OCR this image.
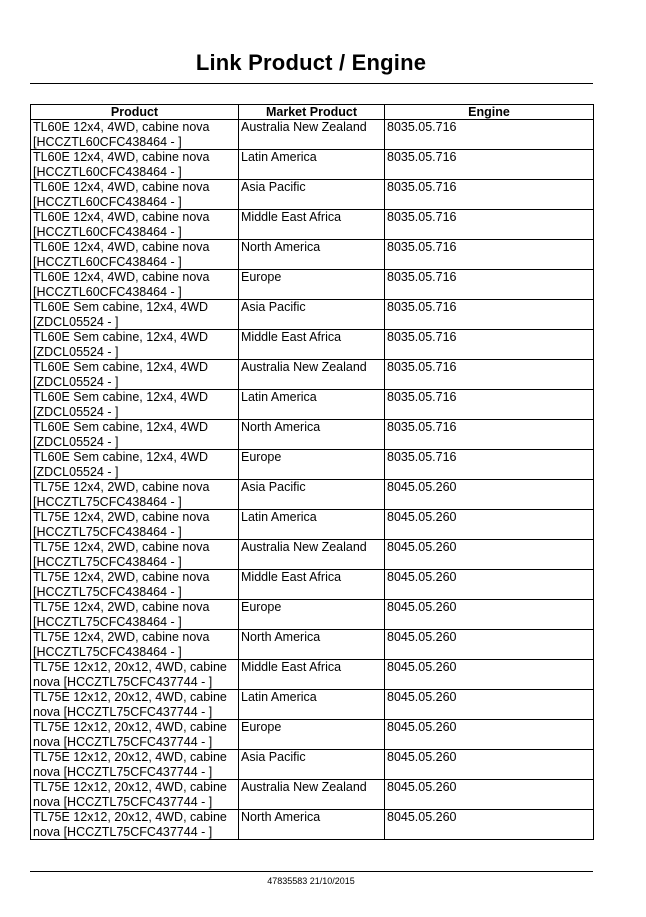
Link Product / Engine
Product	Market Product	Engine
TL60E 12x4, 4WD, cabine nova [HCCZTL60CFC438464 - ]	Australia New Zealand	8035.05.716
TL60E 12x4, 4WD, cabine nova [HCCZTL60CFC438464 - ]	Latin America	8035.05.716
TL60E 12x4, 4WD, cabine nova [HCCZTL60CFC438464 - ]	Asia Pacific	8035.05.716
TL60E 12x4, 4WD, cabine nova [HCCZTL60CFC438464 - ]	Middle East Africa	8035.05.716
TL60E 12x4, 4WD, cabine nova [HCCZTL60CFC438464 - ]	North America	8035.05.716
TL60E 12x4, 4WD, cabine nova [HCCZTL60CFC438464 - ]	Europe	8035.05.716
TL60E Sem cabine, 12x4, 4WD [ZDCL05524 - ]	Asia Pacific	8035.05.716
TL60E Sem cabine, 12x4, 4WD [ZDCL05524 - ]	Middle East Africa	8035.05.716
TL60E Sem cabine, 12x4, 4WD [ZDCL05524 - ]	Australia New Zealand	8035.05.716
TL60E Sem cabine, 12x4, 4WD [ZDCL05524 - ]	Latin America	8035.05.716
TL60E Sem cabine, 12x4, 4WD [ZDCL05524 - ]	North America	8035.05.716
TL60E Sem cabine, 12x4, 4WD [ZDCL05524 - ]	Europe	8035.05.716
TL75E 12x4, 2WD, cabine nova [HCCZTL75CFC438464 - ]	Asia Pacific	8045.05.260
TL75E 12x4, 2WD, cabine nova [HCCZTL75CFC438464 - ]	Latin America	8045.05.260
TL75E 12x4, 2WD, cabine nova [HCCZTL75CFC438464 - ]	Australia New Zealand	8045.05.260
TL75E 12x4, 2WD, cabine nova [HCCZTL75CFC438464 - ]	Middle East Africa	8045.05.260
TL75E 12x4, 2WD, cabine nova [HCCZTL75CFC438464 - ]	Europe	8045.05.260
TL75E 12x4, 2WD, cabine nova [HCCZTL75CFC438464 - ]	North America	8045.05.260
TL75E 12x12, 20x12, 4WD, cabine nova [HCCZTL75CFC437744 - ]	Middle East Africa	8045.05.260
TL75E 12x12, 20x12, 4WD, cabine nova [HCCZTL75CFC437744 - ]	Latin America	8045.05.260
TL75E 12x12, 20x12, 4WD, cabine nova [HCCZTL75CFC437744 - ]	Europe	8045.05.260
TL75E 12x12, 20x12, 4WD, cabine nova [HCCZTL75CFC437744 - ]	Asia Pacific	8045.05.260
TL75E 12x12, 20x12, 4WD, cabine nova [HCCZTL75CFC437744 - ]	Australia New Zealand	8045.05.260
TL75E 12x12, 20x12, 4WD, cabine nova [HCCZTL75CFC437744 - ]	North America	8045.05.260
47835583 21/10/2015
